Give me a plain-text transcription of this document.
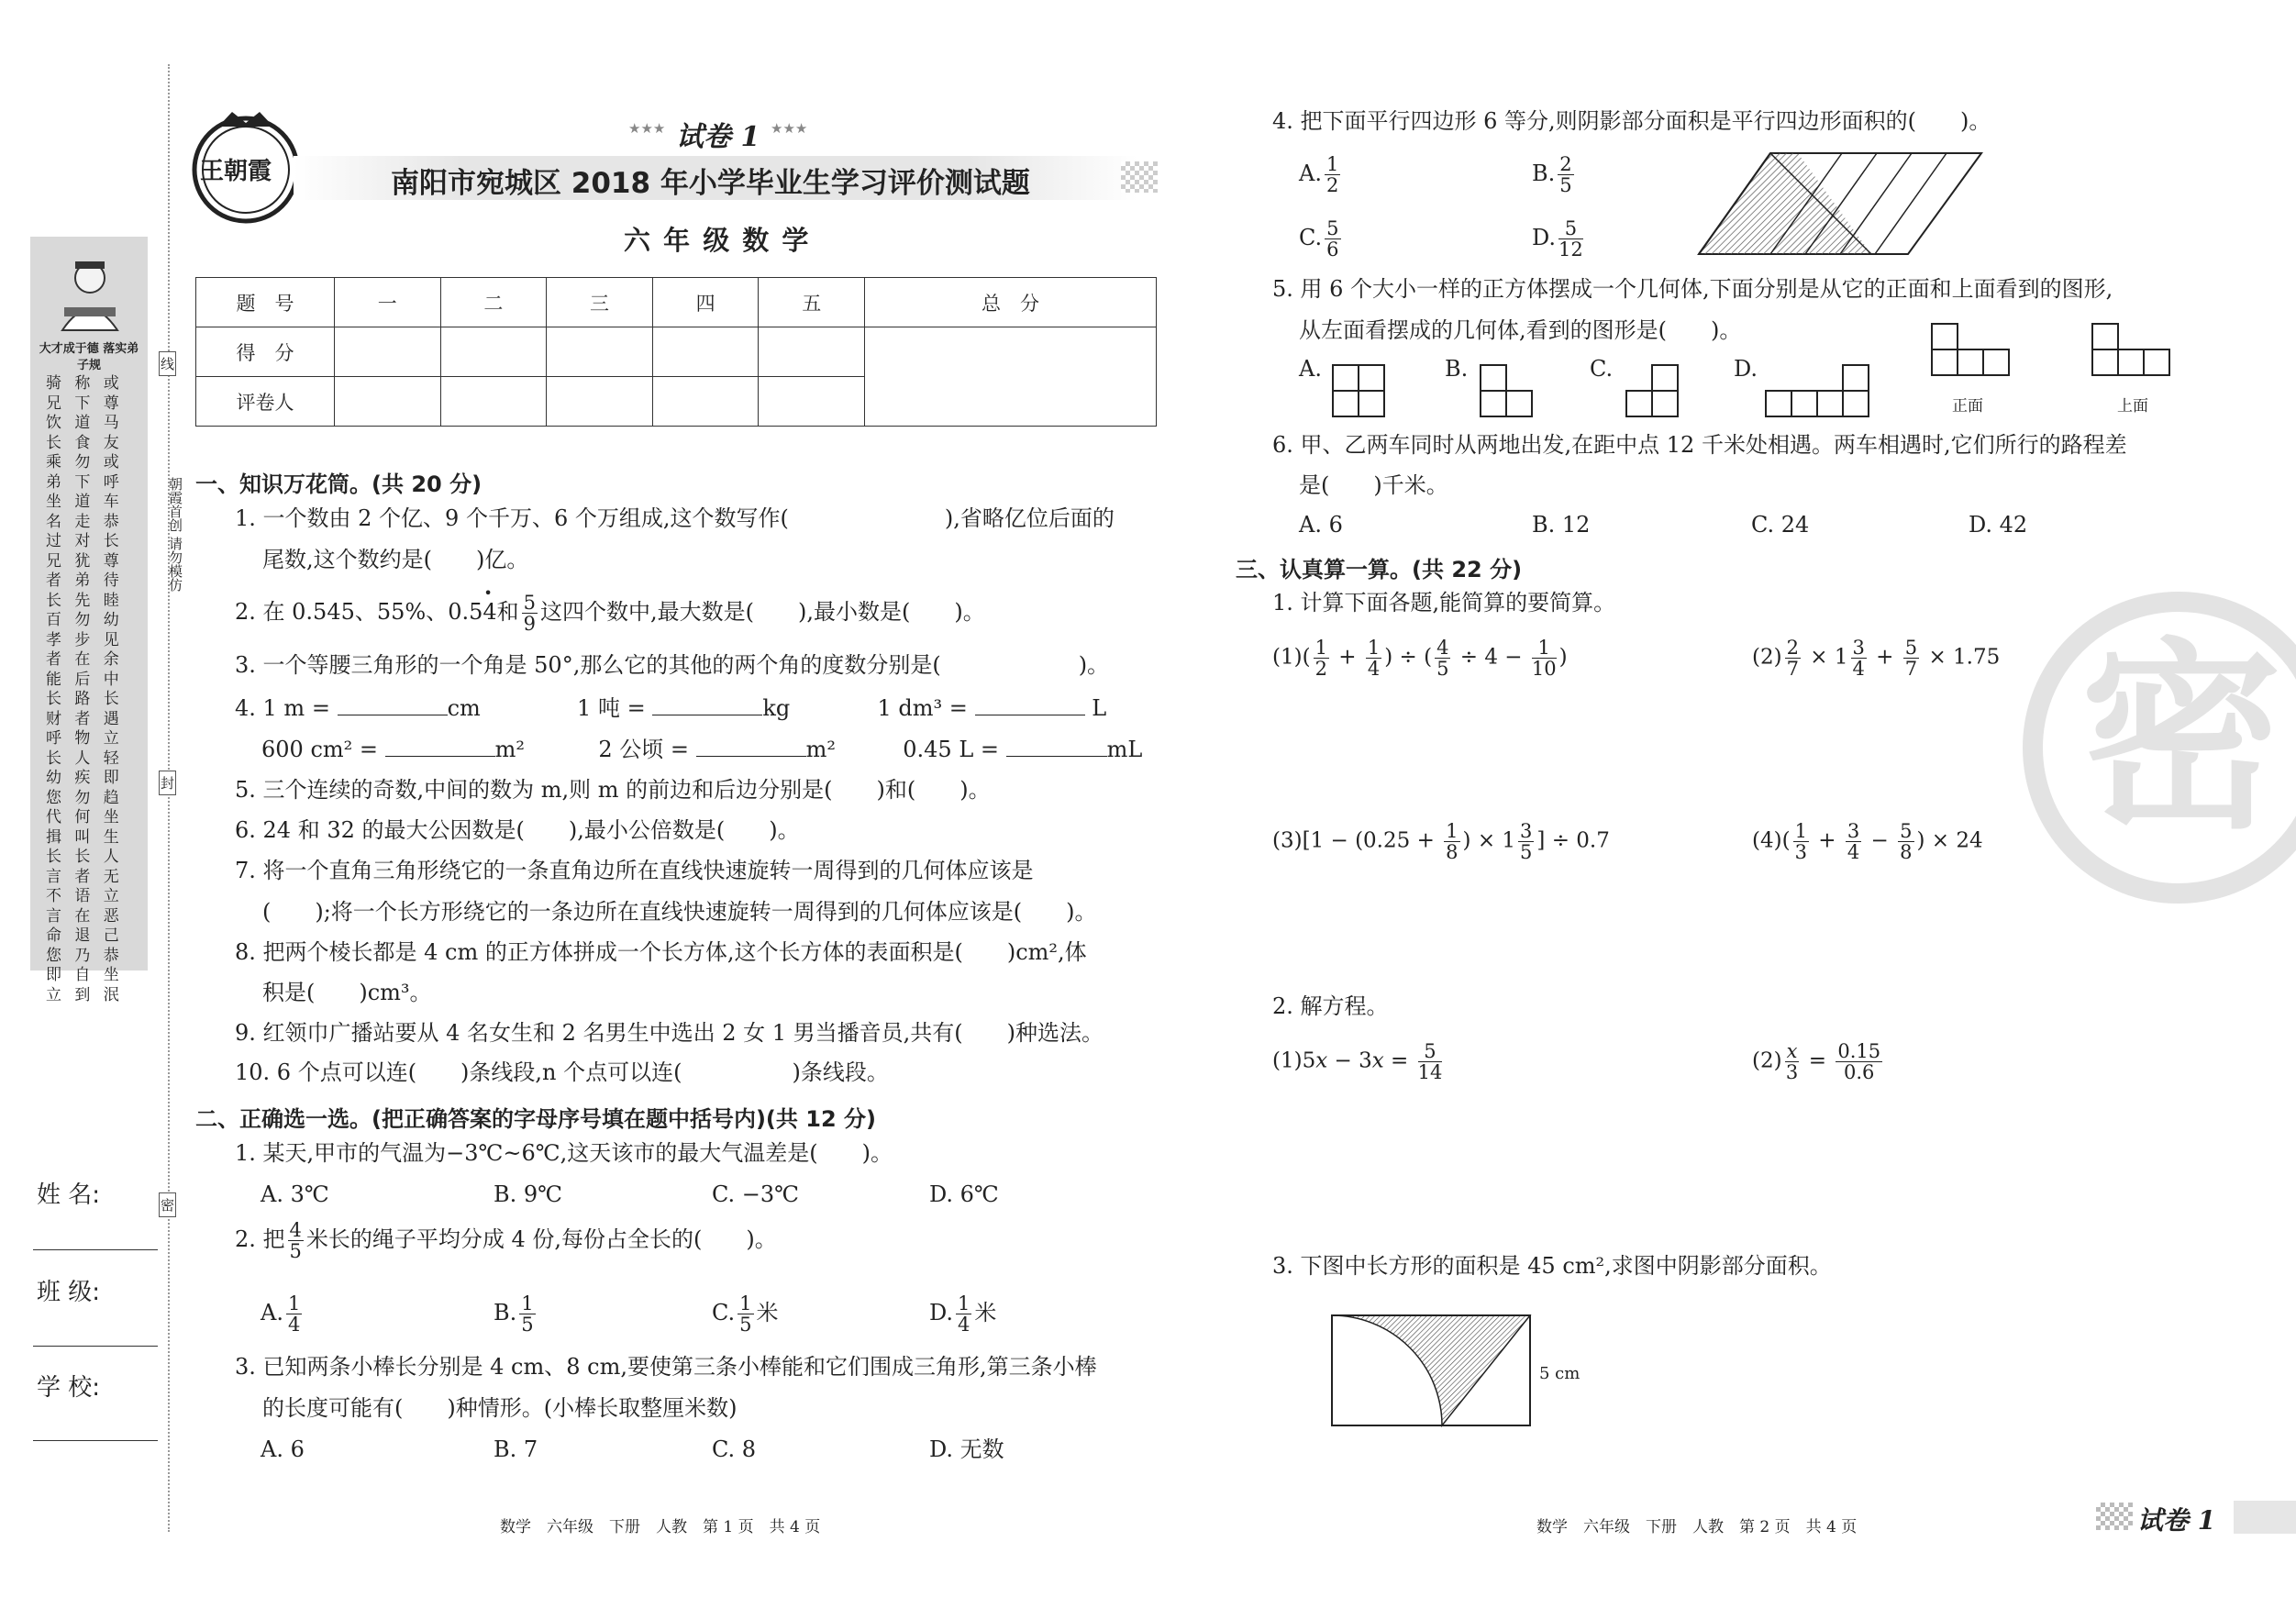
大才成于德 落实弟子规
骑 称 或 兄 下 尊 饮 道 马 长 食 友 乘 勿 或 弟 下 呼 坐 道 车 名 走 恭 过 对 长 兄 犹 尊 者 弟 待 长 先 睦 百 勿 幼 孝 步 见 者 在 余 能 后 中 长 路 长 财 者 遇 呼 物 立 长 人 轻 幼 疾 即 您 勿 趋 代 何 坐 揖 叫 生 长 长 人 言 者 无 不 语 立 言 在 恶 命 退 己 您 乃 恭 即 自 坐 立 到 泯
线
封
密
朝霞首创 请勿模仿
姓 名:
班 级:
学 校:
王朝霞
★★★ 试卷 1 ★★★
南阳市宛城区 2018 年小学毕业生学习评价测试题
六 年 级 数 学
题　号	一	二	三	四	五	总　分
得　分						
评卷人						
一、知识万花筒。(共 20 分)
1. 一个数由 2 个亿、9 个千万、6 个万组成,这个数写作(	),省略亿位后面的
尾数,这个数约是(　　)亿。
2. 在 0.545、55%、0.5
•
4和 $\frac{5}{9}$ 这四个数中,最大数是(　　),最小数是(　　)。
3. 一个等腰三角形的一个角是 50°,那么它的其他的两个角的度数分别是(	)。
4. 1 m =	cm	1 吨 =	kg	1 dm³ =	L
600 cm² =	m²	2 公顷 =	m²	0.45 L =	mL
5. 三个连续的奇数,中间的数为 m,则 m 的前边和后边分别是(　　)和(　　)。
6. 24 和 32 的最大公因数是(　　),最小公倍数是(　　)。
7. 将一个直角三角形绕它的一条直角边所在直线快速旋转一周得到的几何体应该是
(　　);将一个长方形绕它的一条边所在直线快速旋转一周得到的几何体应该是(　　)。
8. 把两个棱长都是 4 cm 的正方体拼成一个长方体,这个长方体的表面积是(　　)cm²,体
积是(　　)cm³。
9. 红领巾广播站要从 4 名女生和 2 名男生中选出 2 女 1 男当播音员,共有(　　)种选法。
10. 6 个点可以连(　　)条线段,n 个点可以连(　　　　　)条线段。
二、正确选一选。(把正确答案的字母序号填在题中括号内)(共 12 分)
1. 某天,甲市的气温为−3℃~6℃,这天该市的最大气温差是(　　)。
A. 3℃	B. 9℃	C. −3℃	D. 6℃
2. 把 $\frac{4}{5}$ 米长的绳子平均分成 4 份,每份占全长的(　　)。
A. $\frac{1}{4}$	B. $\frac{1}{5}$	C. $\frac{1}{5}$ 米	D. $\frac{1}{4}$ 米
3. 已知两条小棒长分别是 4 cm、8 cm,要使第三条小棒能和它们围成三角形,第三条小棒
的长度可能有(　　)种情形。(小棒长取整厘米数)
A. 6	B. 7	C. 8	D. 无数
数学　六年级　下册　人教　第 1 页　共 4 页
4. 把下面平行四边形 6 等分,则阴影部分面积是平行四边形面积的(　　)。
A. $\frac{1}{2}$	B. $\frac{2}{5}$
C. $\frac{5}{6}$	D. $\frac{5}{12}$
5. 用 6 个大小一样的正方体摆成一个几何体,下面分别是从它的正面和上面看到的图形,
从左面看摆成的几何体,看到的图形是(　　)。
A.	B.	C.	D.
正面	上面
6. 甲、乙两车同时从两地出发,在距中点 12 千米处相遇。两车相遇时,它们所行的路程差
是(　　)千米。
A. 6	B. 12	C. 24	D. 42
三、认真算一算。(共 22 分)
1. 计算下面各题,能简算的要简算。
$(1)( \frac{1}{2} + \frac{1}{4}$ ) ÷ ( $\frac{4}{5} \div 4 - \frac{1}{10}$ )	$(2) \frac{2}{7} \times 1 \frac{3}{4} + \frac{5}{7} \times 1.75$
$(3)[1 - (0.25 + \frac{1}{8}$ ) × $1 \frac{3}{5}$ ] ÷ 0.7	$(4)( \frac{1}{3} + \frac{3}{4} - \frac{5}{8}$ ) × 24
2. 解方程。
$(1)5x - 3x = \frac{5}{14}$	$(2) \frac{x}{3} = \frac{0.15}{0.6}$
3. 下图中长方形的面积是 45 cm²,求图中阴影部分面积。
5 cm
密
数学　六年级　下册　人教　第 2 页　共 4 页	试卷 1
